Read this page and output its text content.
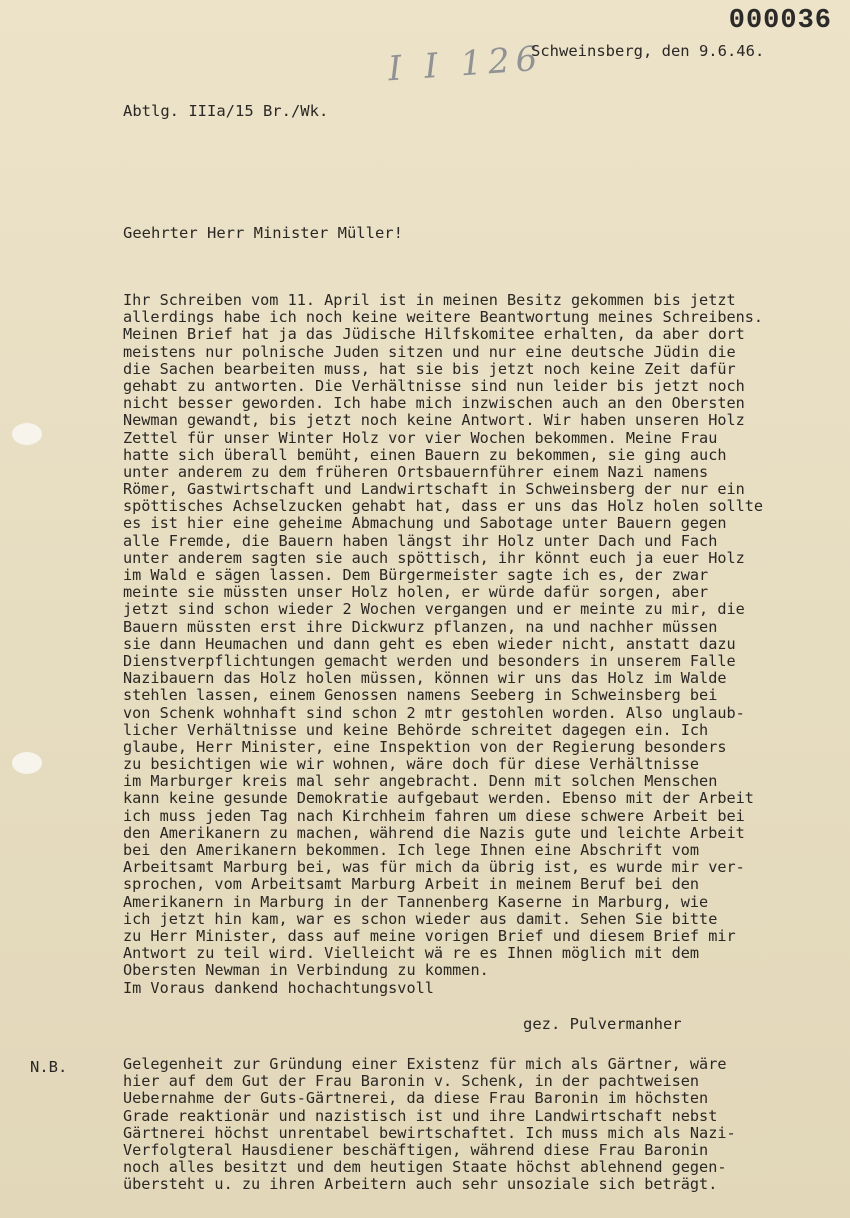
000036
I I 126
Schweinsberg, den 9.6.46.
Abtlg. IIIa/15 Br./Wk.
Geehrter Herr Minister Müller!
Ihr Schreiben vom 11. April ist in meinen Besitz gekommen bis jetzt
allerdings habe ich noch keine weitere Beantwortung meines Schreibens.
Meinen Brief hat ja das Jüdische Hilfskomitee erhalten, da aber dort
meistens nur polnische Juden sitzen und nur eine deutsche Jüdin die
die Sachen bearbeiten muss, hat sie bis jetzt noch keine Zeit dafür
gehabt zu antworten. Die Verhältnisse sind nun leider bis jetzt noch
nicht besser geworden. Ich habe mich inzwischen auch an den Obersten
Newman gewandt, bis jetzt noch keine Antwort. Wir haben unseren Holz
Zettel für unser Winter Holz vor vier Wochen bekommen. Meine Frau
hatte sich überall bemüht, einen Bauern zu bekommen, sie ging auch
unter anderem zu dem früheren Ortsbauernführer einem Nazi namens
Römer, Gastwirtschaft und Landwirtschaft in Schweinsberg der nur ein
spöttisches Achselzucken gehabt hat, dass er uns das Holz holen sollte
es ist hier eine geheime Abmachung und Sabotage unter Bauern gegen
alle Fremde, die Bauern haben längst ihr Holz unter Dach und Fach
unter anderem sagten sie auch spöttisch, ihr könnt euch ja euer Holz
im Wald e sägen lassen. Dem Bürgermeister sagte ich es, der zwar
meinte sie müssten unser Holz holen, er würde dafür sorgen, aber
jetzt sind schon wieder 2 Wochen vergangen und er meinte zu mir, die
Bauern müssten erst ihre Dickwurz pflanzen, na und nachher müssen
sie dann Heumachen und dann geht es eben wieder nicht, anstatt dazu
Dienstverpflichtungen gemacht werden und besonders in unserem Falle
Nazibauern das Holz holen müssen, können wir uns das Holz im Walde
stehlen lassen, einem Genossen namens Seeberg in Schweinsberg bei
von Schenk wohnhaft sind schon 2 mtr gestohlen worden. Also unglaub-
licher Verhältnisse und keine Behörde schreitet dagegen ein. Ich
glaube, Herr Minister, eine Inspektion von der Regierung besonders
zu besichtigen wie wir wohnen, wäre doch für diese Verhältnisse
im Marburger kreis mal sehr angebracht. Denn mit solchen Menschen
kann keine gesunde Demokratie aufgebaut werden. Ebenso mit der Arbeit
ich muss jeden Tag nach Kirchheim fahren um diese schwere Arbeit bei
den Amerikanern zu machen, während die Nazis gute und leichte Arbeit
bei den Amerikanern bekommen. Ich lege Ihnen eine Abschrift vom
Arbeitsamt Marburg bei, was für mich da übrig ist, es wurde mir ver-
sprochen, vom Arbeitsamt Marburg Arbeit in meinem Beruf bei den
Amerikanern in Marburg in der Tannenberg Kaserne in Marburg, wie
ich jetzt hin kam, war es schon wieder aus damit. Sehen Sie bitte
zu Herr Minister, dass auf meine vorigen Brief und diesem Brief mir
Antwort zu teil wird. Vielleicht wä re es Ihnen möglich mit dem
Obersten Newman in Verbindung zu kommen.
Im Voraus dankend hochachtungsvoll
gez. Pulvermanher
N.B.	Gelegenheit zur Gründung einer Existenz für mich als Gärtner, wäre
hier auf dem Gut der Frau Baronin v. Schenk, in der pachtweisen
Uebernahme der Guts-Gärtnerei, da diese Frau Baronin im höchsten
Grade reaktionär und nazistisch ist und ihre Landwirtschaft nebst
Gärtnerei höchst unrentabel bewirtschaftet. Ich muss mich als Nazi-
Verfolgteral Hausdiener beschäftigen, während diese Frau Baronin
noch alles besitzt und dem heutigen Staate höchst ablehnend gegen-
übersteht u. zu ihren Arbeitern auch sehr unsoziale sich beträgt.
